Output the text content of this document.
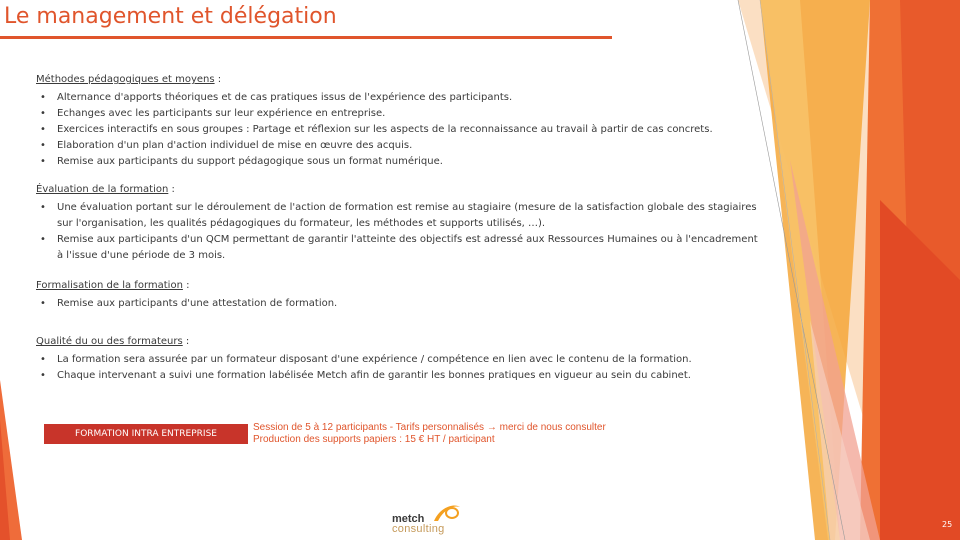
Le management et délégation
Méthodes pédagogiques et moyens :
• Alternance d'apports théoriques et de cas pratiques issus de l'expérience des participants.
• Echanges avec les participants sur leur expérience en entreprise.
• Exercices interactifs en sous groupes : Partage et réflexion sur les aspects de la reconnaissance au travail à partir de cas concrets.
• Elaboration d'un plan d'action individuel de mise en œuvre des acquis.
• Remise aux participants du support pédagogique sous un format numérique.
Évaluation de la formation :
• Une évaluation portant sur le déroulement de l'action de formation est remise au stagiaire (mesure de la satisfaction globale des stagiaires sur l'organisation, les qualités pédagogiques du formateur, les méthodes et supports utilisés, …).
• Remise aux participants d'un QCM permettant de garantir l'atteinte des objectifs est adressé aux Ressources Humaines ou à l'encadrement à l'issue d'une période de 3 mois.
Formalisation de la formation :
• Remise aux participants d'une attestation de formation.
Qualité du ou des formateurs :
• La formation sera assurée par un formateur disposant d'une expérience / compétence en lien avec le contenu de la formation.
• Chaque intervenant a suivi une formation labélisée Metch afin de garantir les bonnes pratiques en vigueur au sein du cabinet.
FORMATION INTRA ENTREPRISE
Session de 5 à 12 participants - Tarifs personnalisés → merci de nous consulter
Production des supports papiers : 15 € HT / participant
metch
consulting	25
